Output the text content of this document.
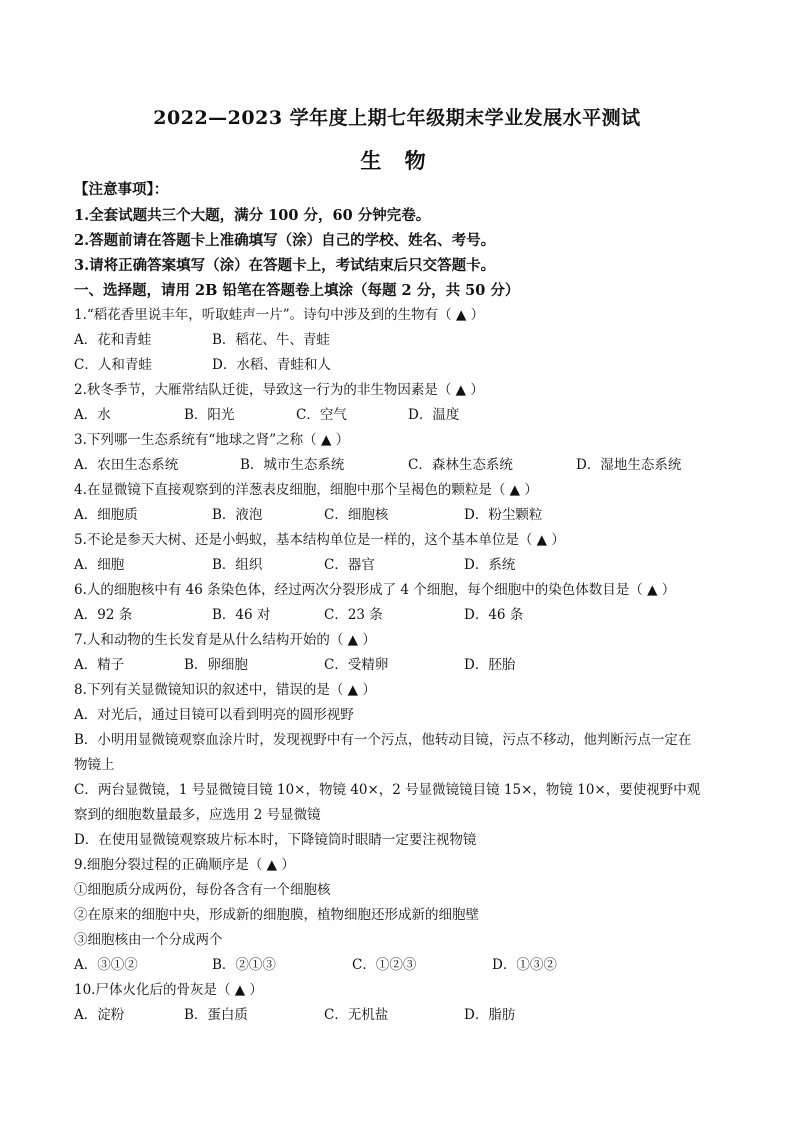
2022—2023 学年度上期七年级期末学业发展水平测试
生 物
【注意事项】：
1.全套试题共三个大题，满分 100 分，60 分钟完卷。
2.答题前请在答题卡上准确填写（涂）自己的学校、姓名、考号。
3.请将正确答案填写（涂）在答题卡上，考试结束后只交答题卡。
一、选择题，请用 2B 铅笔在答题卷上填涂（每题 2 分，共 50 分）
1.“稻花香里说丰年，听取蛙声一片”。诗句中涉及到的生物有（ ▲ ）
A．花和青蛙	B．稻花、牛、青蛙
C．人和青蛙	D．水稻、青蛙和人
2.秋冬季节，大雁常结队迁徙，导致这一行为的非生物因素是（ ▲ ）
A．水	B．阳光	C．空气	D．温度
3.下列哪一生态系统有“地球之肾”之称（ ▲ ）
A．农田生态系统	B．城市生态系统	C．森林生态系统	D．湿地生态系统
4.在显微镜下直接观察到的洋葱表皮细胞，细胞中那个呈褐色的颗粒是（ ▲ ）
A．细胞质	B．液泡	C．细胞核	D．粉尘颗粒
5.不论是参天大树、还是小蚂蚁，基本结构单位是一样的，这个基本单位是（ ▲ ）
A．细胞	B．组织	C．器官	D．系统
6.人的细胞核中有 46 条染色体，经过两次分裂形成了 4 个细胞，每个细胞中的染色体数目是（ ▲ ）
A．92 条	B．46 对	C．23 条	D．46 条
7.人和动物的生长发育是从什么结构开始的（ ▲ ）
A．精子	B．卵细胞	C．受精卵	D．胚胎
8.下列有关显微镜知识的叙述中，错误的是（ ▲ ）
A．对光后，通过目镜可以看到明亮的圆形视野
B．小明用显微镜观察血涂片时，发现视野中有一个污点，他转动目镜，污点不移动，他判断污点一定在
物镜上
C．两台显微镜，1 号显微镜目镜 10×，物镜 40×，2 号显微镜镜目镜 15×，物镜 10×，要使视野中观
察到的细胞数量最多，应选用 2 号显微镜
D．在使用显微镜观察玻片标本时，下降镜筒时眼睛一定要注视物镜
9.细胞分裂过程的正确顺序是（ ▲ ）
①细胞质分成两份，每份各含有一个细胞核
②在原来的细胞中央，形成新的细胞膜，植物细胞还形成新的细胞壁
③细胞核由一个分成两个
A．③①②	B．②①③	C．①②③	D．①③②
10.尸体火化后的骨灰是（ ▲ ）
A．淀粉	B．蛋白质	C．无机盐	D．脂肪
